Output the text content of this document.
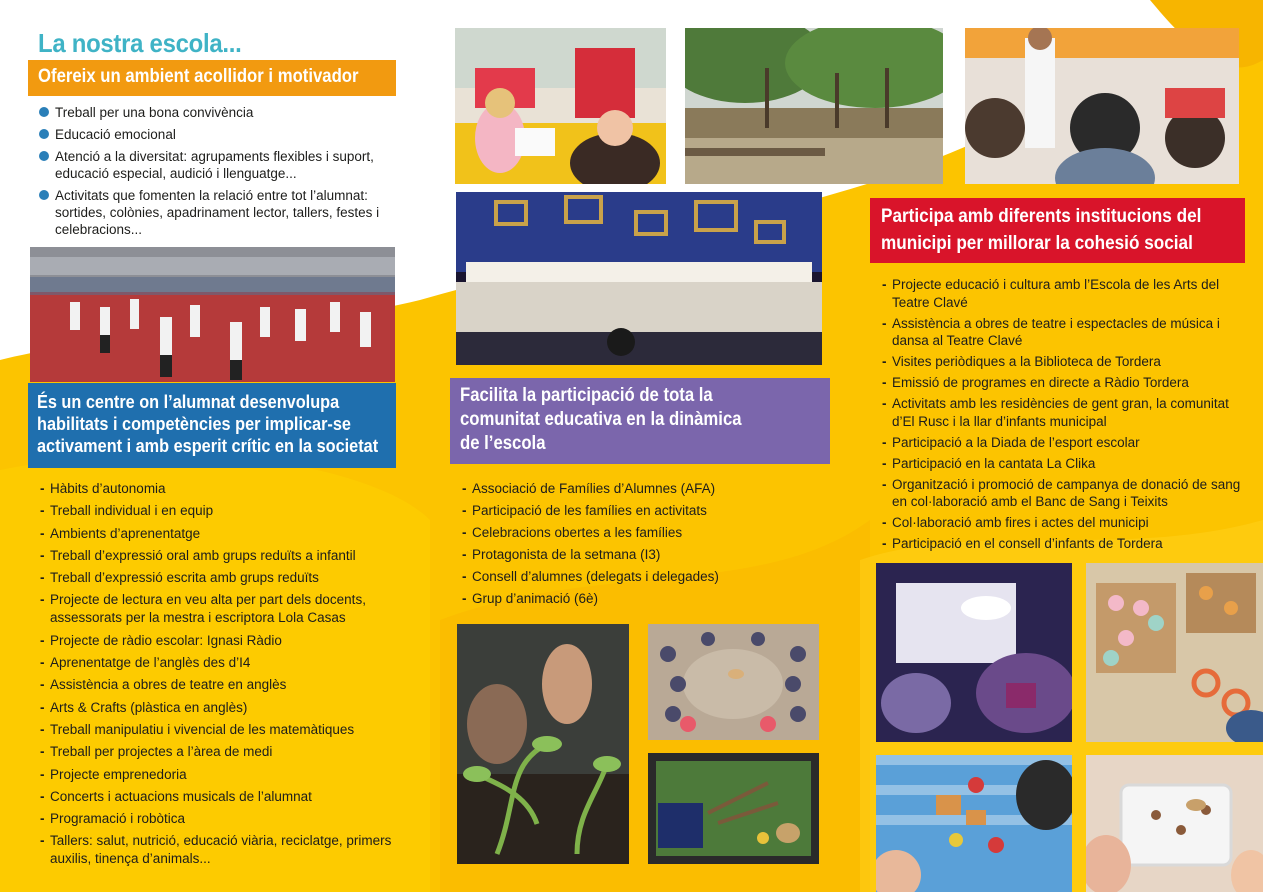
La nostra escola...
Ofereix un ambient acollidor i motivador
Treball per una bona convivència
Educació emocional
Atenció a la diversitat: agrupaments flexibles i suport, educació especial, audició i llenguatge...
Activitats que fomenten la relació entre tot l’alumnat: sortides, colònies, apadrinament lector, tallers, festes i celebracions...
És un centre on l’alumnat desenvolupa
habilitats i competències per implicar-se
activament i amb esperit crític en la societat
- Hàbits d’autonomia
- Treball individual i en equip
- Ambients d’aprenentatge
- Treball d’expressió oral amb grups reduïts a infantil
- Treball d’expressió escrita amb grups reduïts
- Projecte de lectura en veu alta per part dels docents, assessorats per la mestra i escriptora Lola Casas
- Projecte de ràdio escolar: Ignasi Ràdio
- Aprenentatge de l’anglès des d’I4
- Assistència a obres de teatre en anglès
- Arts & Crafts (plàstica en anglès)
- Treball manipulatiu i vivencial de les matemàtiques
- Treball per projectes a l’àrea de medi
- Projecte emprenedoria
- Concerts i actuacions musicals de l’alumnat
- Programació i robòtica
- Tallers: salut, nutrició, educació viària, reciclatge, primers auxilis, tinença d’animals...
Facilita la participació de tota la
comunitat educativa en la dinàmica
de l’escola
- Associació de Famílies d’Alumnes (AFA)
- Participació de les famílies en activitats
- Celebracions obertes a les famílies
- Protagonista de la setmana (I3)
- Consell d’alumnes (delegats i delegades)
- Grup d’animació (6è)
Participa amb diferents institucions del
municipi per millorar la cohesió social
- Projecte educació i cultura amb l’Escola de les Arts del Teatre Clavé
- Assistència a obres de teatre i espectacles de música i dansa al Teatre Clavé
- Visites periòdiques a la Biblioteca de Tordera
- Emissió de programes en directe a Ràdio Tordera
- Activitats amb les residències de gent gran, la comunitat d’El Rusc i la llar d’infants municipal
- Participació a la Diada de l’esport escolar
- Participació en la cantata La Clika
- Organització i promoció de campanya de donació de sang en col·laboració amb el Banc de Sang i Teixits
- Col·laboració amb fires i actes del municipi
- Participació en el consell d’infants de Tordera
